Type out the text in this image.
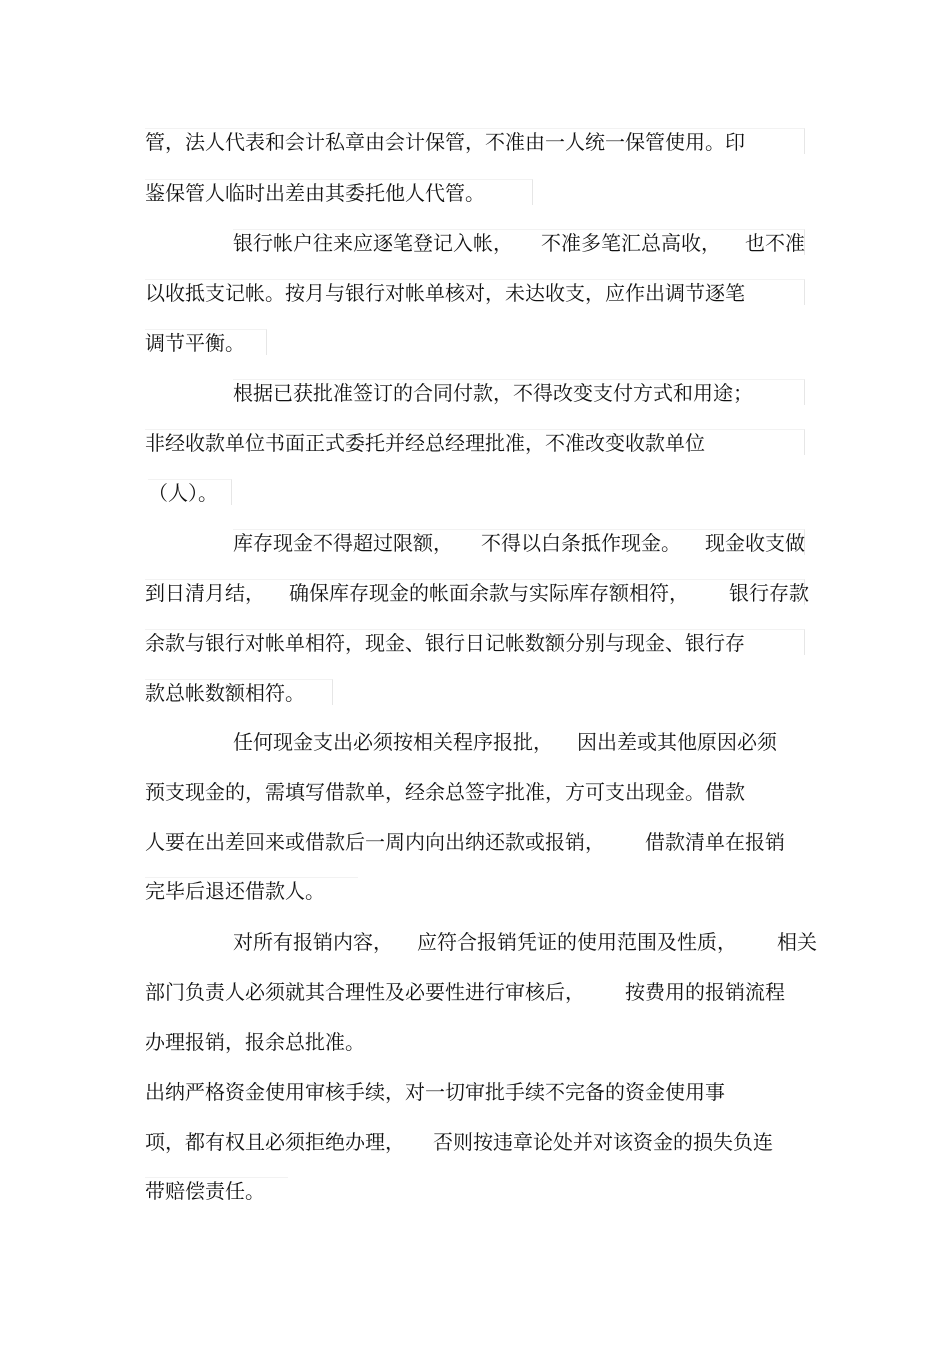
管，法人代表和会计私章由会计保管，不准由一人统一保管使用。印
鉴保管人临时出差由其委托他人代管。
银行帐户往来应逐笔登记入帐， 不准多笔汇总高收， 也不准
以收抵支记帐。按月与银行对帐单核对，未达收支，应作出调节逐笔
调节平衡。
根据已获批准签订的合同付款，不得改变支付方式和用途；
非经收款单位书面正式委托并经总经理批准，不准改变收款单位
（人）。
库存现金不得超过限额， 不得以白条抵作现金。 现金收支做
到日清月结， 确保库存现金的帐面余款与实际库存额相符， 银行存款
余款与银行对帐单相符，现金、银行日记帐数额分别与现金、银行存
款总帐数额相符。
任何现金支出必须按相关程序报批， 因出差或其他原因必须
预支现金的，需填写借款单，经余总签字批准，方可支出现金。借款
人要在出差回来或借款后一周内向出纳还款或报销， 借款清单在报销
完毕后退还借款人。
对所有报销内容， 应符合报销凭证的使用范围及性质， 相关
部门负责人必须就其合理性及必要性进行审核后， 按费用的报销流程
办理报销，报余总批准。
出纳严格资金使用审核手续，对一切审批手续不完备的资金使用事
项，都有权且必须拒绝办理， 否则按违章论处并对该资金的损失负连
带赔偿责任。
